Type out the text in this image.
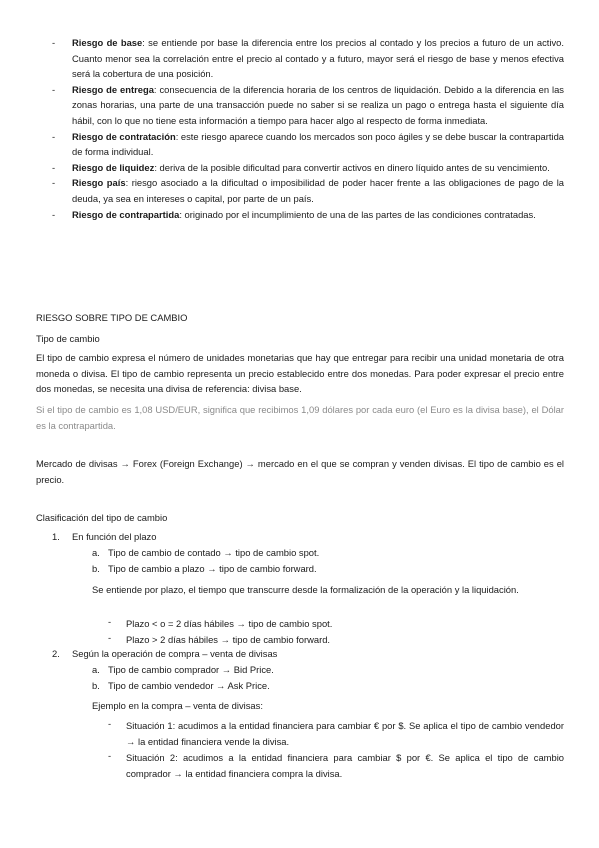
- Riesgo de base: se entiende por base la diferencia entre los precios al contado y los precios a futuro de un activo. Cuanto menor sea la correlación entre el precio al contado y a futuro, mayor será el riesgo de base y menos efectiva será la cobertura de una posición.
- Riesgo de entrega: consecuencia de la diferencia horaria de los centros de liquidación. Debido a la diferencia en las zonas horarias, una parte de una transacción puede no saber si se realiza un pago o entrega hasta el siguiente día hábil, con lo que no tiene esta información a tiempo para hacer algo al respecto de forma inmediata.
- Riesgo de contratación: este riesgo aparece cuando los mercados son poco ágiles y se debe buscar la contrapartida de forma individual.
- Riesgo de liquidez: deriva de la posible dificultad para convertir activos en dinero líquido antes de su vencimiento.
- Riesgo país: riesgo asociado a la dificultad o imposibilidad de poder hacer frente a las obligaciones de pago de la deuda, ya sea en intereses o capital, por parte de un país.
- Riesgo de contrapartida: originado por el incumplimiento de una de las partes de las condiciones contratadas.

RIESGO SOBRE TIPO DE CAMBIO

Tipo de cambio

El tipo de cambio expresa el número de unidades monetarias que hay que entregar para recibir una unidad monetaria de otra moneda o divisa. El tipo de cambio representa un precio establecido entre dos monedas. Para poder expresar el precio entre dos monedas, se necesita una divisa de referencia: divisa base.

Si el tipo de cambio es 1,08 USD/EUR, significa que recibimos 1,09 dólares por cada euro (el Euro es la divisa base), el Dólar es la contrapartida.

Mercado de divisas → Forex (Foreign Exchange) → mercado en el que se compran y venden divisas. El tipo de cambio es el precio.

Clasificación del tipo de cambio

1. En función del plazo
a. Tipo de cambio de contado → tipo de cambio spot.
b. Tipo de cambio a plazo → tipo de cambio forward.

Se entiende por plazo, el tiempo que transcurre desde la formalización de la operación y la liquidación.

-	Plazo < o = 2 días hábiles → tipo de cambio spot.

-	Plazo > 2 días hábiles → tipo de cambio forward.

2. Según la operación de compra – venta de divisas
a. Tipo de cambio comprador → Bid Price.
b. Tipo de cambio vendedor → Ask Price.

Ejemplo en la compra – venta de divisas:

-	Situación 1: acudimos a la entidad financiera para cambiar € por $. Se aplica el tipo de cambio vendedor → la entidad financiera vende la divisa.

-	Situación 2: acudimos a la entidad financiera para cambiar $ por €. Se aplica el tipo de cambio comprador → la entidad financiera compra la divisa.
